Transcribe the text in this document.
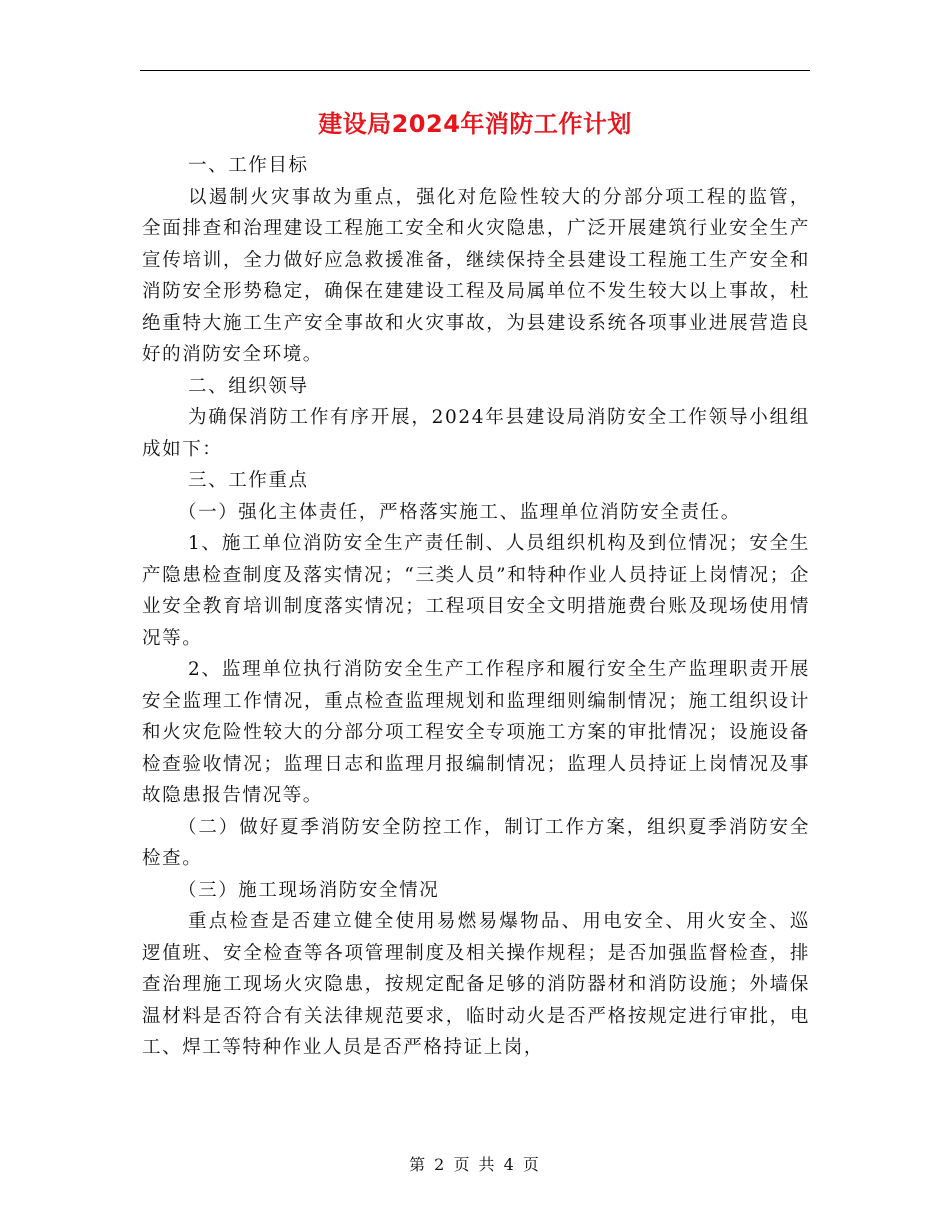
建设局2024年消防工作计划

一、工作目标

以遏制火灾事故为重点，强化对危险性较大的分部分项工程的监管，全面排查和治理建设工程施工安全和火灾隐患，广泛开展建筑行业安全生产宣传培训，全力做好应急救援准备，继续保持全县建设工程施工生产安全和消防安全形势稳定，确保在建建设工程及局属单位不发生较大以上事故，杜绝重特大施工生产安全事故和火灾事故，为县建设系统各项事业进展营造良好的消防安全环境。

二、组织领导

为确保消防工作有序开展，2024年县建设局消防安全工作领导小组组成如下：

三、工作重点

（一）强化主体责任，严格落实施工、监理单位消防安全责任。

1、施工单位消防安全生产责任制、人员组织机构及到位情况；安全生产隐患检查制度及落实情况；“三类人员”和特种作业人员持证上岗情况；企业安全教育培训制度落实情况；工程项目安全文明措施费台账及现场使用情况等。

2、监理单位执行消防安全生产工作程序和履行安全生产监理职责开展安全监理工作情况，重点检查监理规划和监理细则编制情况；施工组织设计和火灾危险性较大的分部分项工程安全专项施工方案的审批情况；设施设备检查验收情况；监理日志和监理月报编制情况；监理人员持证上岗情况及事故隐患报告情况等。

（二）做好夏季消防安全防控工作，制订工作方案，组织夏季消防安全检查。

（三）施工现场消防安全情况

重点检查是否建立健全使用易燃易爆物品、用电安全、用火安全、巡逻值班、安全检查等各项管理制度及相关操作规程；是否加强监督检查，排查治理施工现场火灾隐患，按规定配备足够的消防器材和消防设施；外墙保温材料是否符合有关法律规范要求，临时动火是否严格按规定进行审批，电工、焊工等特种作业人员是否严格持证上岗，

第 2 页 共 4 页
